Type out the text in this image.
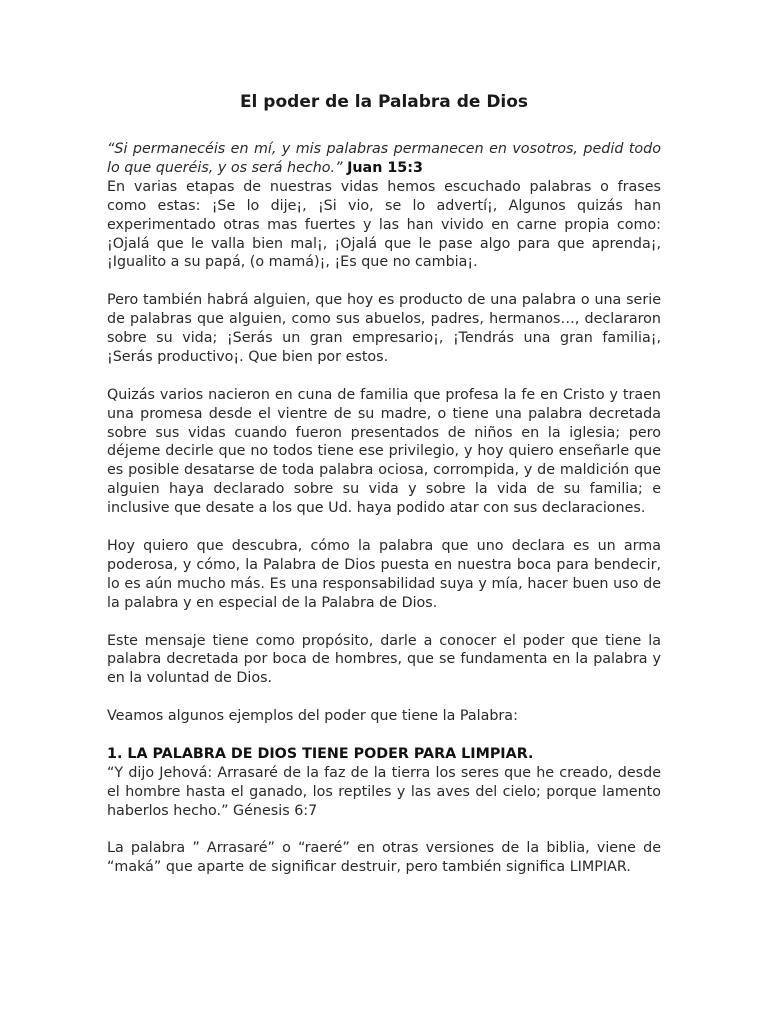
El poder de la Palabra de Dios

“Si permanecéis en mí, y mis palabras permanecen en vosotros, pedid todo lo que queréis, y os será hecho.” Juan 15:3

En varias etapas de nuestras vidas hemos escuchado palabras o frases como estas: ¡Se lo dije¡, ¡Si vio, se lo advertí¡, Algunos quizás han experimentado otras mas fuertes y las han vivido en carne propia como: ¡Ojalá que le valla bien mal¡, ¡Ojalá que le pase algo para que aprenda¡, ¡Igualito a su papá, (o mamá)¡, ¡Es que no cambia¡.

Pero también habrá alguien, que hoy es producto de una palabra o una serie de palabras que alguien, como sus abuelos, padres, hermanos…, declararon sobre su vida; ¡Serás un gran empresario¡, ¡Tendrás una gran familia¡, ¡Serás productivo¡. Que bien por estos.

Quizás varios nacieron en cuna de familia que profesa la fe en Cristo y traen una promesa desde el vientre de su madre, o tiene una palabra decretada sobre sus vidas cuando fueron presentados de niños en la iglesia; pero déjeme decirle que no todos tiene ese privilegio, y hoy quiero enseñarle que es posible desatarse de toda palabra ociosa, corrompida, y de maldición que alguien haya declarado sobre su vida y sobre la vida de su familia; e inclusive que desate a los que Ud. haya podido atar con sus declaraciones.

Hoy quiero que descubra, cómo la palabra que uno declara es un arma poderosa, y cómo, la Palabra de Dios puesta en nuestra boca para bendecir, lo es aún mucho más. Es una responsabilidad suya y mía, hacer buen uso de la palabra y en especial de la Palabra de Dios.

Este mensaje tiene como propósito, darle a conocer el poder que tiene la palabra decretada por boca de hombres, que se fundamenta en la palabra y en la voluntad de Dios.

Veamos algunos ejemplos del poder que tiene la Palabra:

1. LA PALABRA DE DIOS TIENE PODER PARA LIMPIAR.

“Y dijo Jehová: Arrasaré de la faz de la tierra los seres que he creado, desde el hombre hasta el ganado, los reptiles y las aves del cielo; porque lamento haberlos hecho.” Génesis 6:7

La palabra ” Arrasaré” o “raeré” en otras versiones de la biblia, viene de “maká” que aparte de significar destruir, pero también significa LIMPIAR.
